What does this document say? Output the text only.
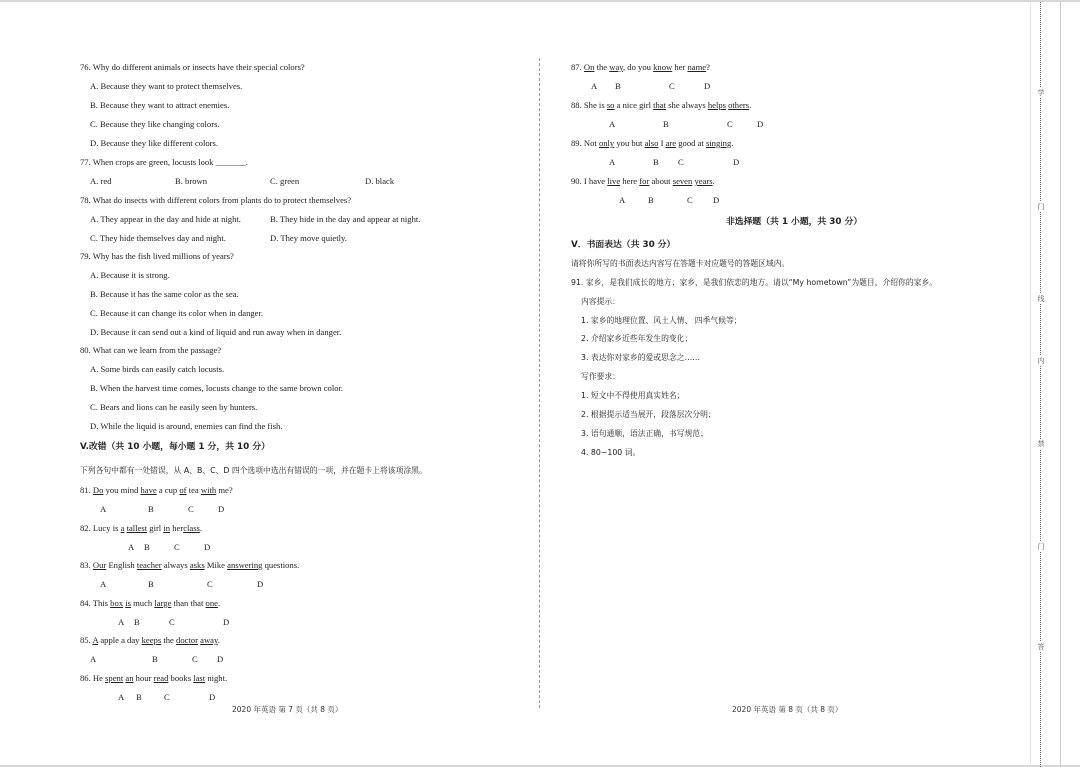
76. Why do different animals or insects have their special colors?
A. Because they want to protect themselves.
B. Because they want to attract enemies.
C. Because they like changing colors.
D. Because they like different colors.
77. When crops are green, locusts look _______.
A. red	B. brown	C. green	D. black
78. What do insects with different colors from plants do to protect themselves?
A. They appear in the day and hide at night.	B. They hide in the day and appear at night.
C. They hide themselves day and night.	D. They move quietly.
79. Why has the fish lived millions of years?
A. Because it is strong.
B. Because it has the same color as the sea.
C. Because it can change its color when in danger.
D. Because it can send out a kind of liquid and run away when in danger.
80. What can we learn from the passage?
A. Some birds can easily catch locusts.
B. When the harvest time comes, locusts change to the same brown color.
C. Bears and lions can be easily seen by hunters.
D. While the liquid is around, enemies can find the fish.
V.改错（共 10 小题，每小题 1 分，共 10 分）
下列各句中都有一处错误，从 A、B、C、D 四个选项中选出有错误的一项，并在题卡上将该项涂黑。
81. Do you mind have a cup of tea with me?
A	B	C	D
82. Lucy is a tallest girl in herclass.
A B	C	D
83. Our English teacher always asks Mike answering questions.
A	B	C	D
84. This box is much large than that one.
A B	C	D
85. A apple a day keeps the doctor away.
A	B	C D
86. He spent an hour read books last night.
A B	C	D
2020 年英语 第 7 页（共 8 页）
87. On the way, do you know her name?
A B	C	D
88. She is so a nice girl that she always helps others.
A	B	C	D
89. Not only you but also I are good at singing.
A	B C	D
90. I have live here for about seven years.
A	B	C D
非选择题（共 1 小题，共 30 分）
V．书面表达（共 30 分）
请将你所写的书面表达内容写在答题卡对应题号的答题区域内。
91. 家乡，是我们成长的地方；家乡，是我们依恋的地方。请以“My hometown”为题目，介绍你的家乡。
内容提示：
1. 家乡的地理位置、风土人情、 四季气候等；
2. 介绍家乡近些年发生的变化；
3. 表达你对家乡的爱或思念之……
写作要求：
1. 短文中不得使用真实姓名；
2. 根据提示适当展开，段落层次分明；
3. 语句通顺，语法正确，书写规范；
4. 80~100 词。
2020 年英语 第 8 页（共 8 页）
学
门
线
内
禁
门
答
